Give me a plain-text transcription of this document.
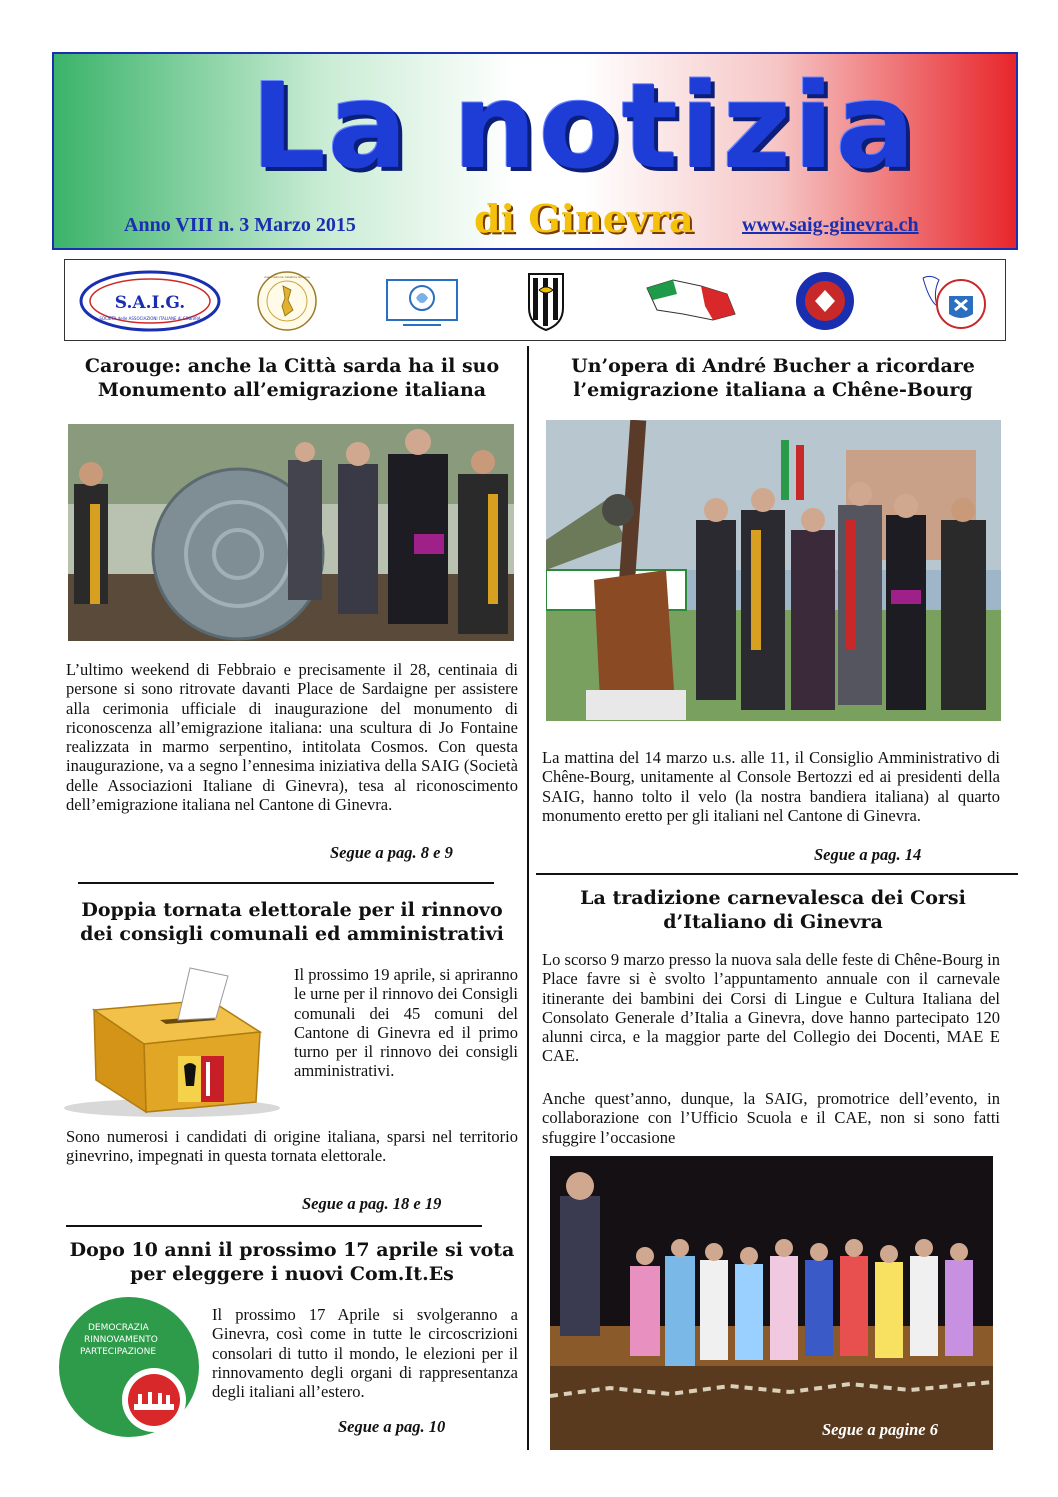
La notizia
Anno VIII n. 3 Marzo 2015	di Ginevra www.saig-ginevra.ch
S.A.I.G.
SOCIETÀ delle ASSOCIAZIONI ITALIANE di GINEVRA
Associazione Calabria Ginevra
Carouge: anche la Città sarda ha il suo Monumento all’emigrazione italiana
L’ultimo weekend di Febbraio e precisamente il 28, centinaia di persone si sono ritrovate davanti Place de Sardaigne per assistere alla cerimonia ufficiale di inaugurazione del monumento di riconoscenza all’emigrazione italiana: una scultura di Jo Fontaine realizzata in marmo serpentino, intitolata Cosmos. Con questa inaugurazione, va a segno l’ennesima iniziativa della SAIG (Società delle Associazioni Italiane di Ginevra), tesa al riconoscimento dell’emigrazione italiana nel Cantone di Ginevra.
Segue a pag. 8 e 9
Doppia tornata elettorale per il rinnovo dei consigli comunali ed amministrativi
Il prossimo 19 aprile, si apriranno le urne per il rinnovo dei Consigli comunali dei 45 comuni del Cantone di Ginevra ed il primo turno per il rinnovo dei consigli amministrativi.
Sono numerosi i candidati di origine italiana, sparsi nel territorio ginevrino, impegnati in questa tornata elettorale.
Segue a pag. 18 e 19
Dopo 10 anni il prossimo 17 aprile si vota per eleggere i nuovi Com.It.Es
DEMOCRAZIA
RINNOVAMENTO
PARTECIPAZIONE
Il prossimo 17 Aprile si svolgeranno a Ginevra, così come in tutte le circoscrizioni consolari di tutto il mondo, le elezioni per il rinnovamento degli organi di rappresentanza degli italiani all’estero.
Segue a pag. 10
Un’opera di André Bucher a ricordare l’emigrazione italiana a Chêne-Bourg
La mattina del 14 marzo u.s. alle 11, il Consiglio Amministrativo di Chêne-Bourg, unitamente al Console Bertozzi ed ai presidenti della SAIG, hanno tolto il velo (la nostra bandiera italiana) al quarto monumento eretto per gli italiani nel Cantone di Ginevra.
Segue a pag. 14
La tradizione carnevalesca dei Corsi d’Italiano di Ginevra
Lo scorso 9 marzo presso la nuova sala delle feste di Chêne-Bourg in Place favre si è svolto l’appuntamento annuale con il carnevale itinerante dei bambini dei Corsi di Lingue e Cultura Italiana del Consolato Generale d’Italia a Ginevra, dove hanno partecipato 120 alunni circa, e la maggior parte del Collegio dei Docenti, MAE E CAE.
Anche quest’anno, dunque, la SAIG, promotrice dell’evento, in collaborazione con l’Ufficio Scuola e il CAE, non si sono fatti sfuggire l’occasione
Segue a pagine 6
